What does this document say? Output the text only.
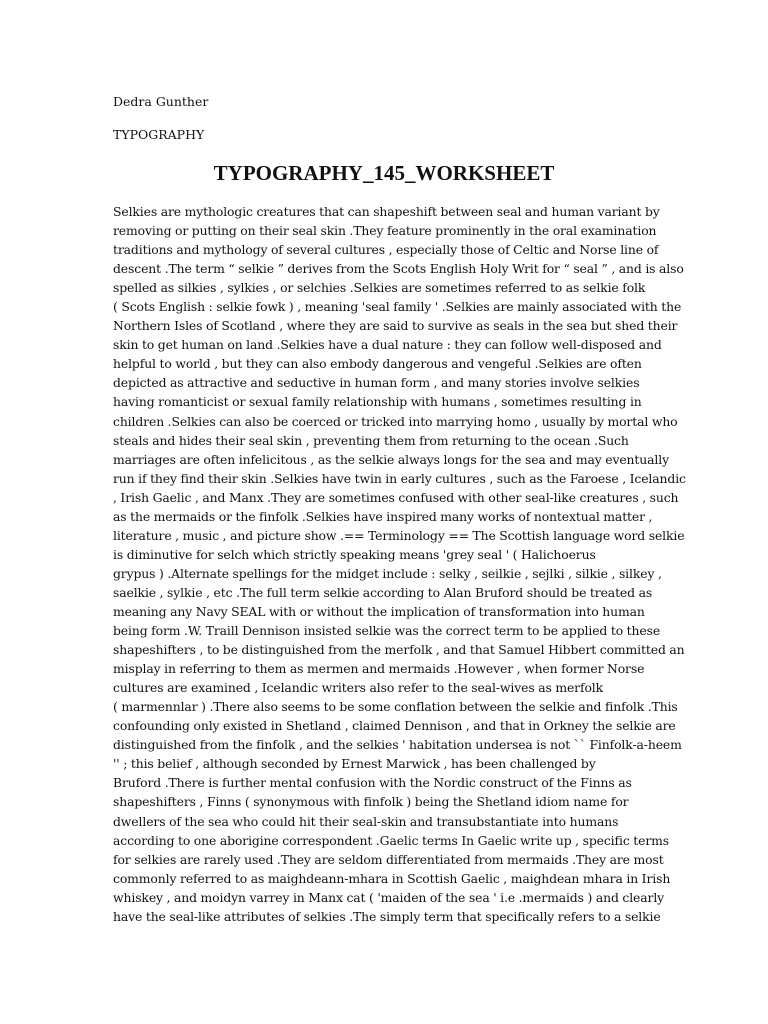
Dedra Gunther
TYPOGRAPHY
TYPOGRAPHY_145_WORKSHEET

Selkies are mythologic creatures that can shapeshift between seal and human variant by
removing or putting on their seal skin .They feature prominently in the oral examination
traditions and mythology of several cultures , especially those of Celtic and Norse line of
descent .The term “ selkie ” derives from the Scots English Holy Writ for “ seal ” , and is also
spelled as silkies , sylkies , or selchies .Selkies are sometimes referred to as selkie folk
( Scots English : selkie fowk ) , meaning 'seal family ' .Selkies are mainly associated with the
Northern Isles of Scotland , where they are said to survive as seals in the sea but shed their
skin to get human on land .Selkies have a dual nature : they can follow well-disposed and
helpful to world , but they can also embody dangerous and vengeful .Selkies are often
depicted as attractive and seductive in human form , and many stories involve selkies
having romanticist or sexual family relationship with humans , sometimes resulting in
children .Selkies can also be coerced or tricked into marrying homo , usually by mortal who
steals and hides their seal skin , preventing them from returning to the ocean .Such
marriages are often infelicitous , as the selkie always longs for the sea and may eventually
run if they find their skin .Selkies have twin in early cultures , such as the Faroese , Icelandic
, Irish Gaelic , and Manx .They are sometimes confused with other seal-like creatures , such
as the mermaids or the finfolk .Selkies have inspired many works of nontextual matter ,
literature , music , and picture show .== Terminology == The Scottish language word selkie
is diminutive for selch which strictly speaking means 'grey seal ' ( Halichoerus
grypus ) .Alternate spellings for the midget include : selky , seilkie , sejlki , silkie , silkey ,
saelkie , sylkie , etc .The full term selkie according to Alan Bruford should be treated as
meaning any Navy SEAL with or without the implication of transformation into human
being form .W. Traill Dennison insisted selkie was the correct term to be applied to these
shapeshifters , to be distinguished from the merfolk , and that Samuel Hibbert committed an
misplay in referring to them as mermen and mermaids .However , when former Norse
cultures are examined , Icelandic writers also refer to the seal-wives as merfolk
( marmennlar ) .There also seems to be some conflation between the selkie and finfolk .This
confounding only existed in Shetland , claimed Dennison , and that in Orkney the selkie are
distinguished from the finfolk , and the selkies ' habitation undersea is not `` Finfolk-a-heem
'' ; this belief , although seconded by Ernest Marwick , has been challenged by
Bruford .There is further mental confusion with the Nordic construct of the Finns as
shapeshifters , Finns ( synonymous with finfolk ) being the Shetland idiom name for
dwellers of the sea who could hit their seal-skin and transubstantiate into humans
according to one aborigine correspondent .Gaelic terms In Gaelic write up , specific terms
for selkies are rarely used .They are seldom differentiated from mermaids .They are most
commonly referred to as maighdeann-mhara in Scottish Gaelic , maighdean mhara in Irish
whiskey , and moidyn varrey in Manx cat ( 'maiden of the sea ' i.e .mermaids ) and clearly
have the seal-like attributes of selkies .The simply term that specifically refers to a selkie
